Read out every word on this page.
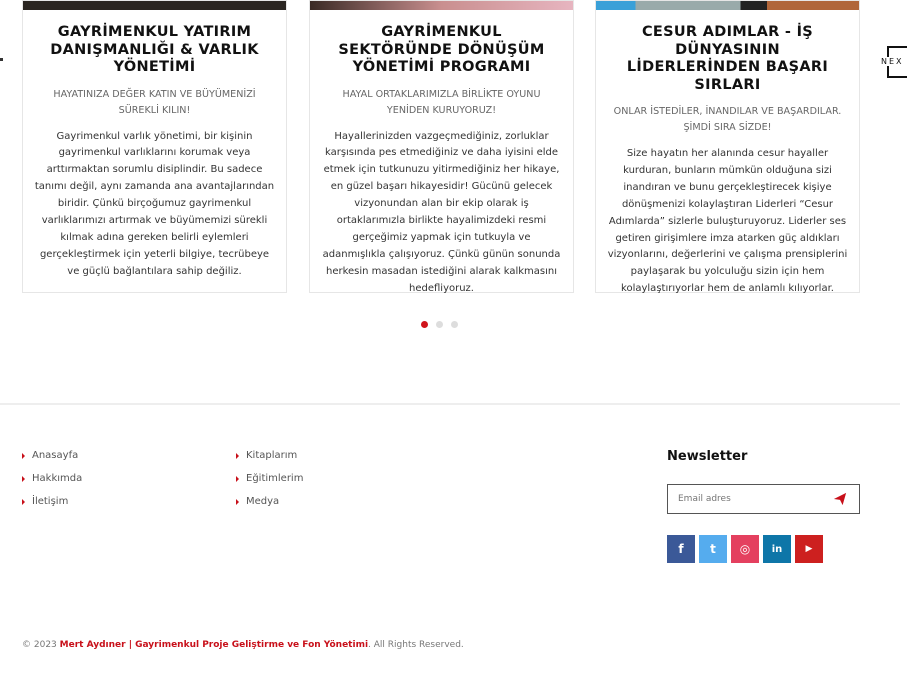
GAYRİMENKUL YATIRIM DANIŞMANLIĞI & VARLIK YÖNETİMİ
HAYATINIZA DEĞER KATIN VE BÜYÜMENİZİ SÜREKLİ KILIN!

Gayrimenkul varlık yönetimi, bir kişinin gayrimenkul varlıklarını korumak veya arttırmaktan sorumlu disiplindir. Bu sadece tanımı değil, aynı zamanda ana avantajlarından biridir. Çünkü birçoğumuz gayrimenkul varlıklarımızı artırmak ve büyümemizi sürekli kılmak adına gereken belirli eylemleri gerçekleştirmek için yeterli bilgiye, tecrübeye ve güçlü bağlantılara sahip değiliz.

GAYRİMENKUL SEKTÖRÜNDE DÖNÜŞÜM YÖNETİMİ PROGRAMI
HAYAL ORTAKLARIMIZLA BİRLİKTE OYUNU YENİDEN KURUYORUZ!

Hayallerinizden vazgeçmediğiniz, zorluklar karşısında pes etmediğiniz ve daha iyisini elde etmek için tutkunuzu yitirmediğiniz her hikaye, en güzel başarı hikayesidir! Gücünü gelecek vizyonundan alan bir ekip olarak iş ortaklarımızla birlikte hayalimizdeki resmi gerçeğimiz yapmak için tutkuyla ve adanmışlıkla çalışıyoruz. Çünkü günün sonunda herkesin masadan istediğini alarak kalkmasını hedefliyoruz.

CESUR ADIMLAR - İŞ DÜNYASININ LİDERLERİNDEN BAŞARI SIRLARI
ONLAR İSTEDİLER, İNANDILAR VE BAŞARDILAR. ŞİMDİ SIRA SİZDE!

Size hayatın her alanında cesur hayaller kurduran, bunların mümkün olduğuna sizi inandıran ve bunu gerçekleştirecek kişiye dönüşmenizi kolaylaştıran Liderleri “Cesur Adımlarda” sizlerle buluşturuyoruz. Liderler ses getiren girişimlere imza atarken güç aldıkları vizyonlarını, değerlerini ve çalışma prensiplerini paylaşarak bu yolculuğu sizin için hem kolaylaştırıyorlar hem de anlamlı kılıyorlar.

NEX
Anasayfa
Hakkımda
İletişim
Kitaplarım
Eğitimlerim
Medya
Newsletter
Email adres
f	t	◎	in	▶
© 2023 Mert Aydıner | Gayrimenkul Proje Geliştirme ve Fon Yönetimi. All Rights Reserved.
